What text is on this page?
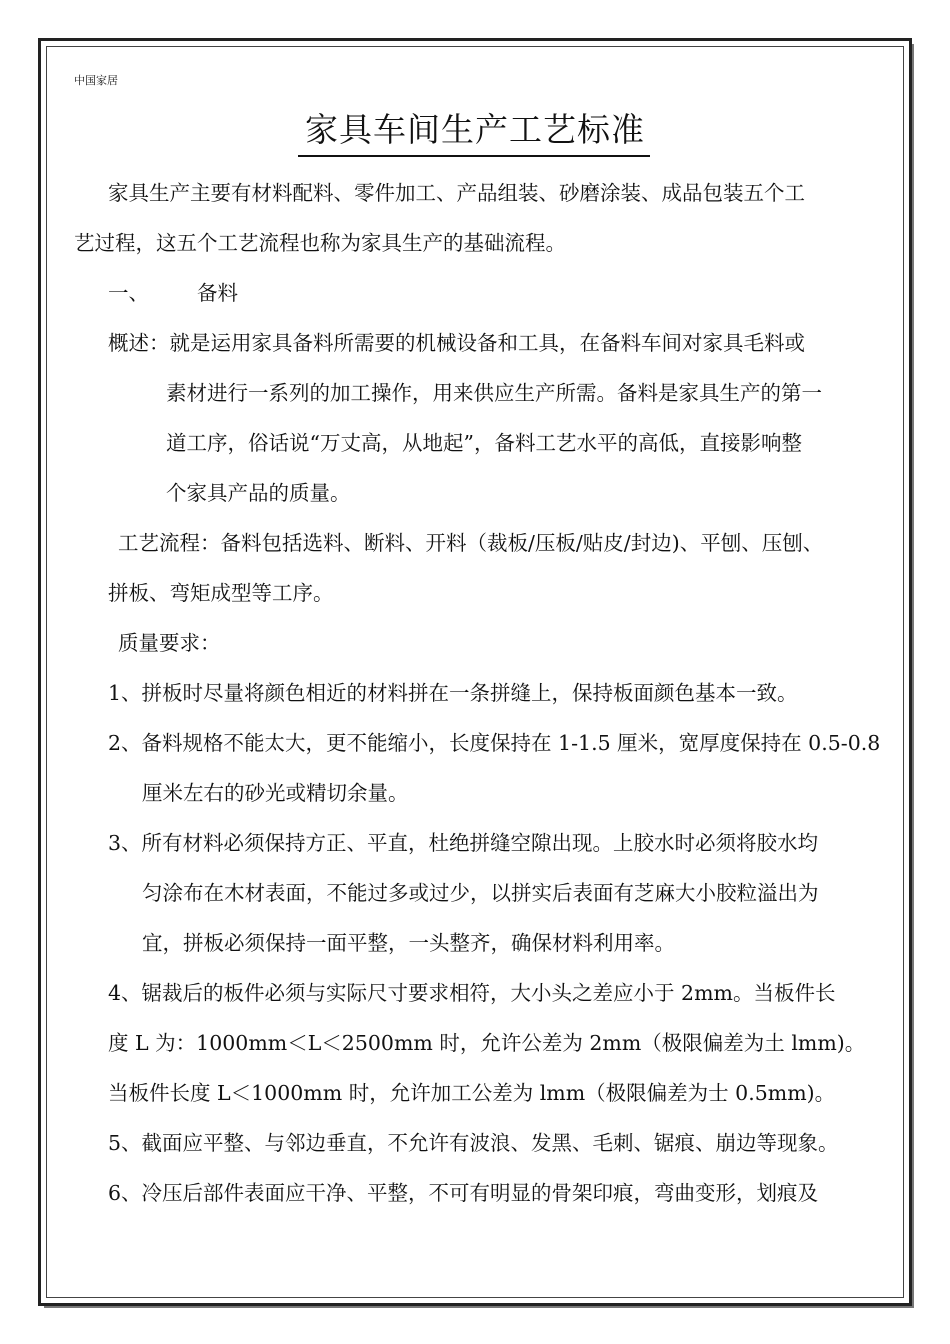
中国家居
家具车间生产工艺标准
家具生产主要有材料配料、零件加工、产品组装、砂磨涂装、成品包装五个工
艺过程，这五个工艺流程也称为家具生产的基础流程。
一、 备料
概述：就是运用家具备料所需要的机械设备和工具，在备料车间对家具毛料或
素材进行一系列的加工操作，用来供应生产所需。备料是家具生产的第一
道工序，俗话说“万丈高，从地起”，备料工艺水平的高低，直接影响整
个家具产品的质量。
工艺流程：备料包括选料、断料、开料（裁板/压板/贴皮/封边)、平刨、压刨、
拼板、弯矩成型等工序。
质量要求：
1、拼板时尽量将颜色相近的材料拼在一条拼缝上，保持板面颜色基本一致。
2、备料规格不能太大，更不能缩小，长度保持在 1-1.5 厘米，宽厚度保持在 0.5-0.8
厘米左右的砂光或精切余量。
3、所有材料必须保持方正、平直，杜绝拼缝空隙出现。上胶水时必须将胶水均
匀涂布在木材表面，不能过多或过少，以拼实后表面有芝麻大小胶粒溢出为
宜，拼板必须保持一面平整，一头整齐，确保材料利用率。
4、锯裁后的板件必须与实际尺寸要求相符，大小头之差应小于 2mm。当板件长
度 L 为：1000mm＜L＜2500mm 时，允许公差为 2mm（极限偏差为土 lmm)。
当板件长度 L＜1000mm 时，允许加工公差为 lmm（极限偏差为士 0.5mm)。
5、截面应平整、与邻边垂直，不允许有波浪、发黑、毛刺、锯痕、崩边等现象。
6、冷压后部件表面应干净、平整，不可有明显的骨架印痕，弯曲变形，划痕及
